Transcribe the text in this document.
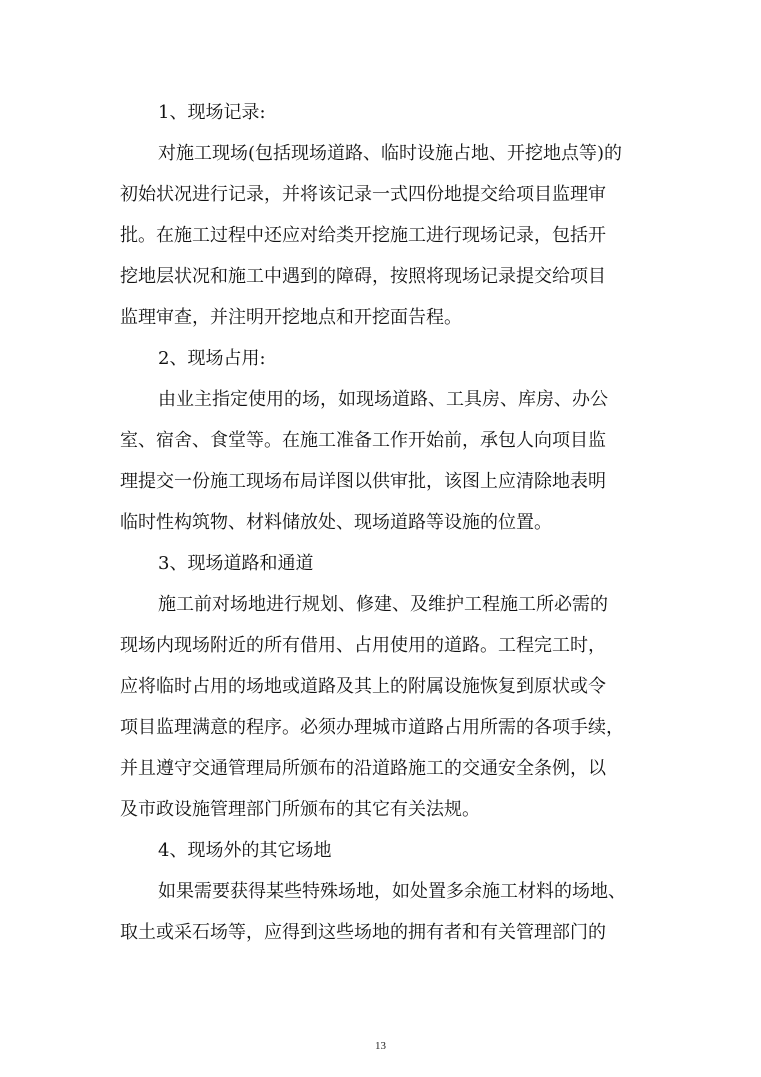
1、现场记录:
对施工现场(包括现场道路、临时设施占地、开挖地点等)的
初始状况进行记录，并将该记录一式四份地提交给项目监理审
批。在施工过程中还应对给类开挖施工进行现场记录，包括开
挖地层状况和施工中遇到的障碍，按照将现场记录提交给项目
监理审查，并注明开挖地点和开挖面告程。
2、现场占用:
由业主指定使用的场，如现场道路、工具房、库房、办公
室、宿舍、食堂等。在施工准备工作开始前，承包人向项目监
理提交一份施工现场布局详图以供审批，该图上应清除地表明
临时性构筑物、材料储放处、现场道路等设施的位置。
3、现场道路和通道
施工前对场地进行规划、修建、及维护工程施工所必需的
现场内现场附近的所有借用、占用使用的道路。工程完工时，
应将临时占用的场地或道路及其上的附属设施恢复到原状或令
项目监理满意的程序。必须办理城市道路占用所需的各项手续，
并且遵守交通管理局所颁布的沿道路施工的交通安全条例，以
及市政设施管理部门所颁布的其它有关法规。
4、现场外的其它场地
如果需要获得某些特殊场地，如处置多余施工材料的场地、
取土或采石场等，应得到这些场地的拥有者和有关管理部门的
13
